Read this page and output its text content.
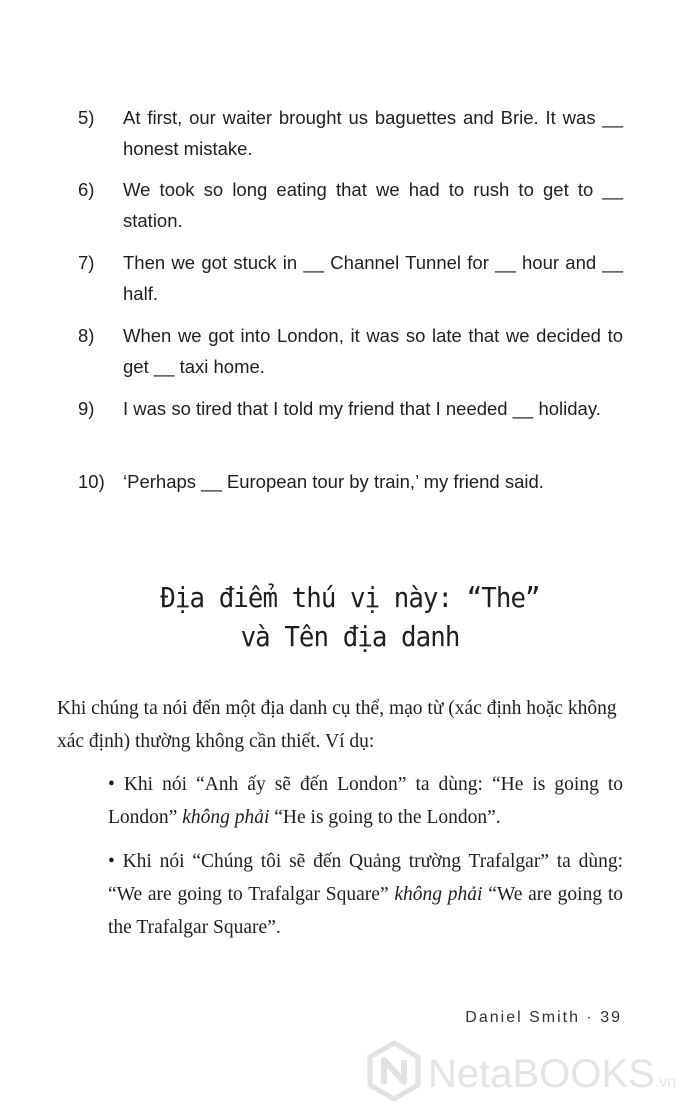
5)	At first, our waiter brought us baguettes and Brie. It was __ honest mistake.
6)	We took so long eating that we had to rush to get to __ station.
7)	Then we got stuck in __ Channel Tunnel for __ hour and __ half.
8)	When we got into London, it was so late that we decided to get __ taxi home.
9)	I was so tired that I told my friend that I needed __ holiday.
10) ‘Perhaps __ European tour by train,’ my friend said.
Địa điểm thú vị này: “The”
và Tên địa danh
Khi chúng ta nói đến một địa danh cụ thể, mạo từ (xác định hoặc không xác định) thường không cần thiết. Ví dụ:
• Khi nói “Anh ấy sẽ đến London” ta dùng: “He is going to London” không phải “He is going to the London”.
• Khi nói “Chúng tôi sẽ đến Quảng trường Trafalgar” ta dùng: “We are going to Trafalgar Square” không phải “We are going to the Trafalgar Square”.
Daniel Smith · 39
NetaBOOKS.vn
